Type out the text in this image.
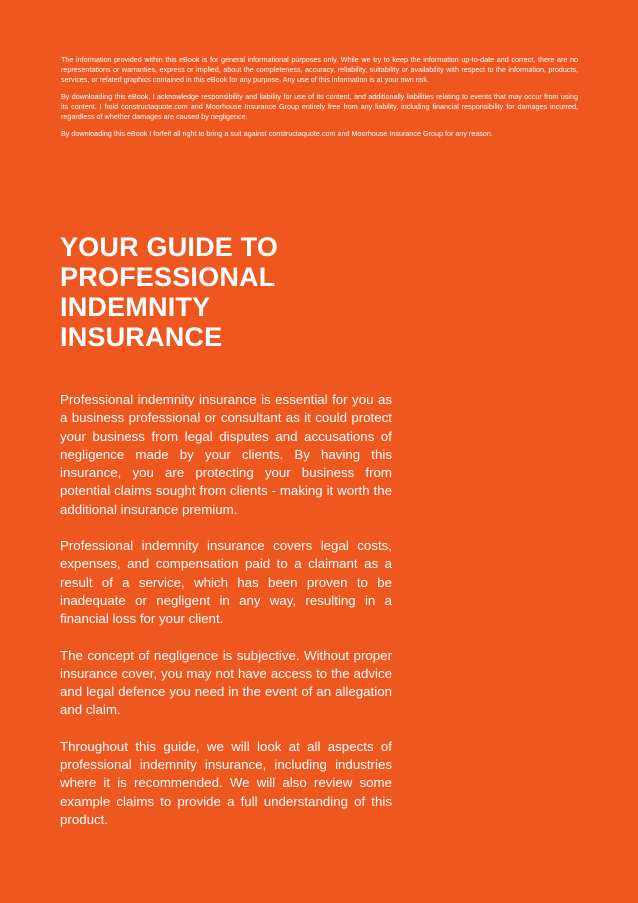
The information provided within this eBook is for general informational purposes only. While we try to keep the information up-to-date and correct, there are no representations or warranties, express or implied, about the completeness, accuracy, reliability, suitability or availability with respect to the information, products, services, or related graphics contained in this eBook for any purpose. Any use of this information is at your own risk.

By downloading this eBook, I acknowledge responsibility and liability for use of its content, and additionally liabilities relating to events that may occur from using its content. I hold constructaquote.com and Moorhouse Insurance Group entirely free from any liability, including financial responsibility for damages incurred, regardless of whether damages are caused by negligence.

By downloading this eBook I forfeit all right to bring a suit against constructaquote.com and Moorhouse Insurance Group for any reason.

YOUR GUIDE TO
PROFESSIONAL
INDEMNITY
INSURANCE

Professional indemnity insurance is essential for you as a business professional or consultant as it could protect your business from legal disputes and accusations of negligence made by your clients. By having this insurance, you are protecting your business from potential claims sought from clients - making it worth the additional insurance premium.

Professional indemnity insurance covers legal costs, expenses, and compensation paid to a claimant as a result of a service, which has been proven to be inadequate or negligent in any way, resulting in a financial loss for your client.

The concept of negligence is subjective. Without proper insurance cover, you may not have access to the advice and legal defence you need in the event of an allegation and claim.

Throughout this guide, we will look at all aspects of professional indemnity insurance, including industries where it is recommended. We will also review some example claims to provide a full understanding of this product.
